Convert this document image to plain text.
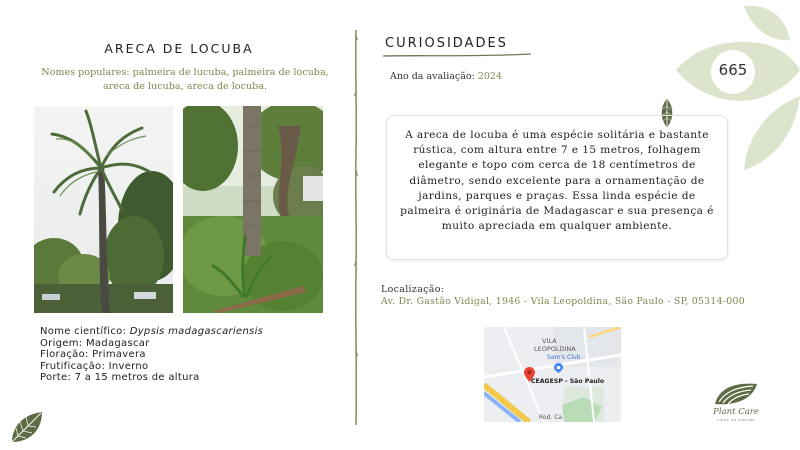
ARECA DE LOCUBA
Nomes populares: palmeira de lucuba, palmeira de locuba, areca de lucuba, areca de locuba.
Nome científico: Dypsis madagascariensis
Origem: Madagascar
Floração: Primavera
Frutificação: Inverno
Porte: 7 a 15 metros de altura
CURIOSIDADES
Ano da avaliação: 2024
A areca de locuba é uma espécie solitária e bastante rústica, com altura entre 7 e 15 metros, folhagem elegante e topo com cerca de 18 centímetros de diâmetro, sendo excelente para a ornamentação de jardins, parques e praças. Essa linda espécie de palmeira é originária de Madagascar e sua presença é muito apreciada em qualquer ambiente.
Localização:
Av. Dr. Gastão Vidigal, 1946 - Vila Leopoldina, São Paulo - SP, 05314-000
VILA
LEOPOLDINA
Sam's Club
CEAGESP - São Paulo
Rod. Ca
665
Plant Care
cuide de plantas
